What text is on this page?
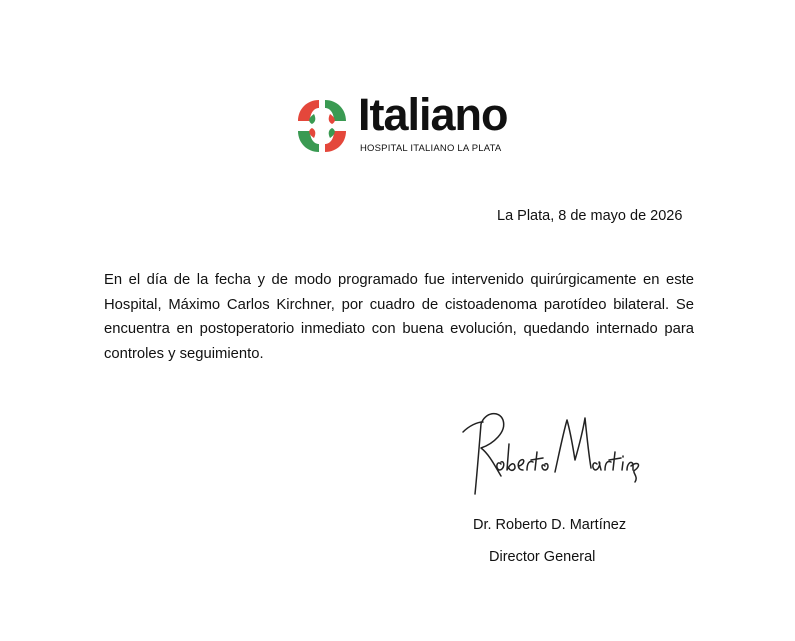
Italiano
HOSPITAL ITALIANO LA PLATA
La Plata, 8 de mayo de 2026
En el día de la fecha y de modo programado fue intervenido quirúrgicamente en este Hospital, Máximo Carlos Kirchner, por cuadro de cistoadenoma parotídeo bilateral. Se encuentra en postoperatorio inmediato con buena evolución, quedando internado para controles y seguimiento.
Dr. Roberto D. Martínez
Director General
